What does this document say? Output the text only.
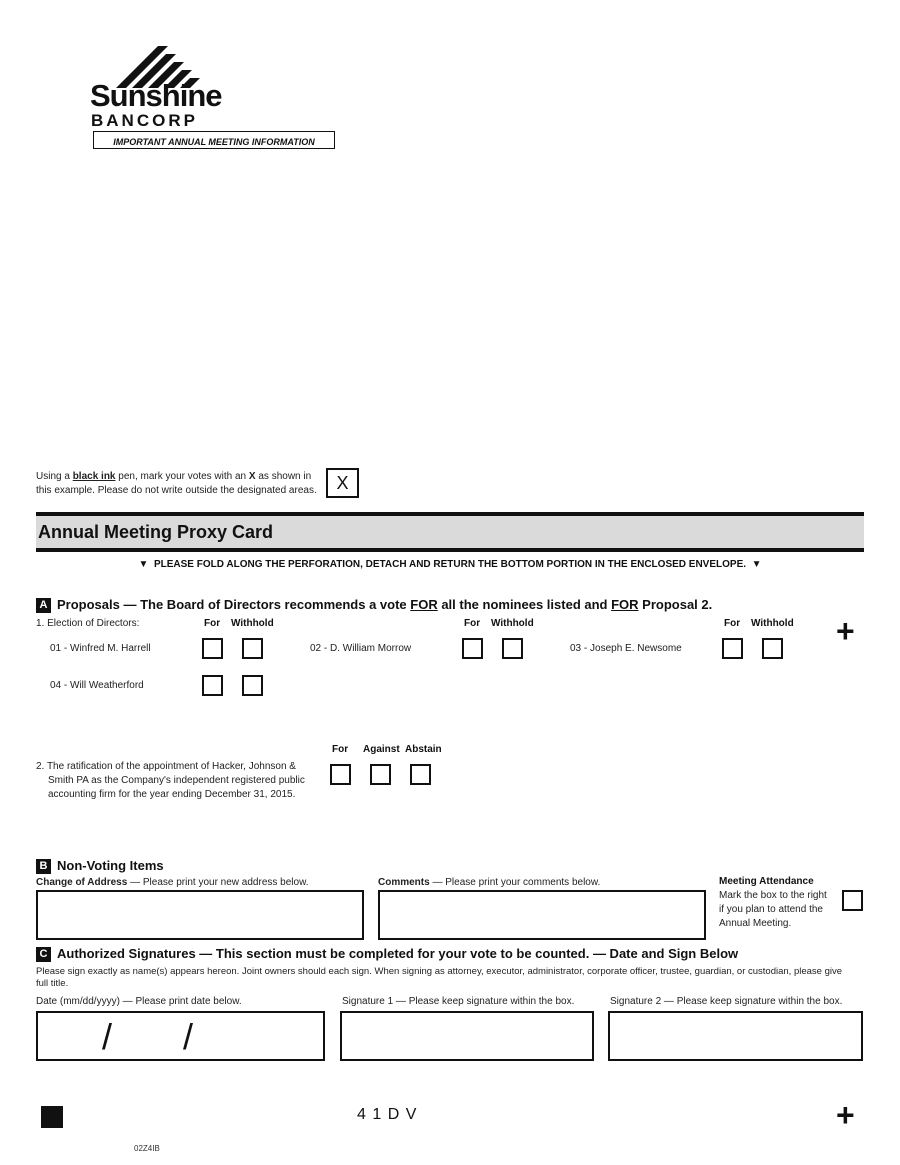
Sunshine
BANCORP
IMPORTANT ANNUAL MEETING INFORMATION
Using a black ink pen, mark your votes with an X as shown in
this example. Please do not write outside the designated areas.	X
Annual Meeting Proxy Card
▼ PLEASE FOLD ALONG THE PERFORATION, DETACH AND RETURN THE BOTTOM PORTION IN THE ENCLOSED ENVELOPE. ▼
A Proposals — The Board of Directors recommends a vote FOR all the nominees listed and FOR Proposal 2.
1. Election of Directors:	For Withhold	For Withhold	For Withhold +
01 - Winfred M. Harrell	02 - D. William Morrow	03 - Joseph E. Newsome
04 - Will Weatherford
For Against Abstain
2. The ratification of the appointment of Hacker, Johnson &
Smith PA as the Company's independent registered public
accounting firm for the year ending December 31, 2015.
B Non-Voting Items
Change of Address — Please print your new address below.	Comments — Please print your comments below.	Meeting Attendance
Mark the box to the right
if you plan to attend the
Annual Meeting.
C Authorized Signatures — This section must be completed for your vote to be counted. — Date and Sign Below
Please sign exactly as name(s) appears hereon. Joint owners should each sign. When signing as attorney, executor, administrator, corporate officer, trustee, guardian, or custodian, please give
full title.
Date (mm/dd/yyyy) — Please print date below.
/ /
Signature 1 — Please keep signature within the box.	Signature 2 — Please keep signature within the box.
4 1 D V	+
02Z4IB
